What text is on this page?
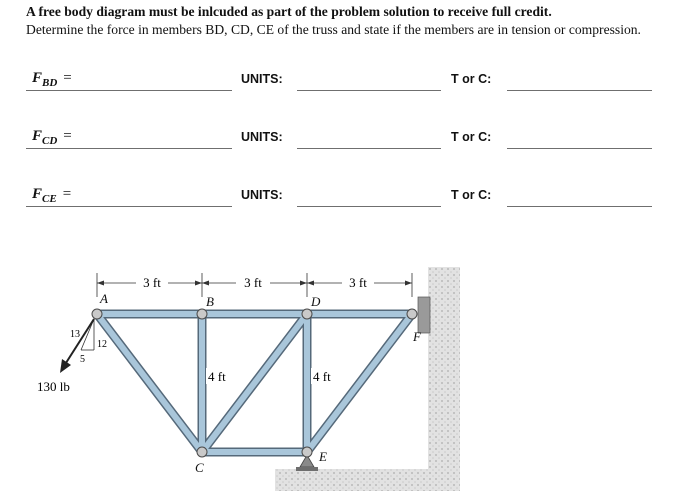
A free body diagram must be inlcuded as part of the problem solution to receive full credit.
Determine the force in members BD, CD, CE of the truss and state if the members are in tension or compression.
$F_{BD}$ =	UNITS:	T or C:
$F_{CD}$ =	UNITS:	T or C:
$F_{CE}$ =	UNITS:	T or C:
3 ft	3 ft	3 ft
A	B	D
F
C
E
4 ft	4 ft
13
12
5
130 lb
